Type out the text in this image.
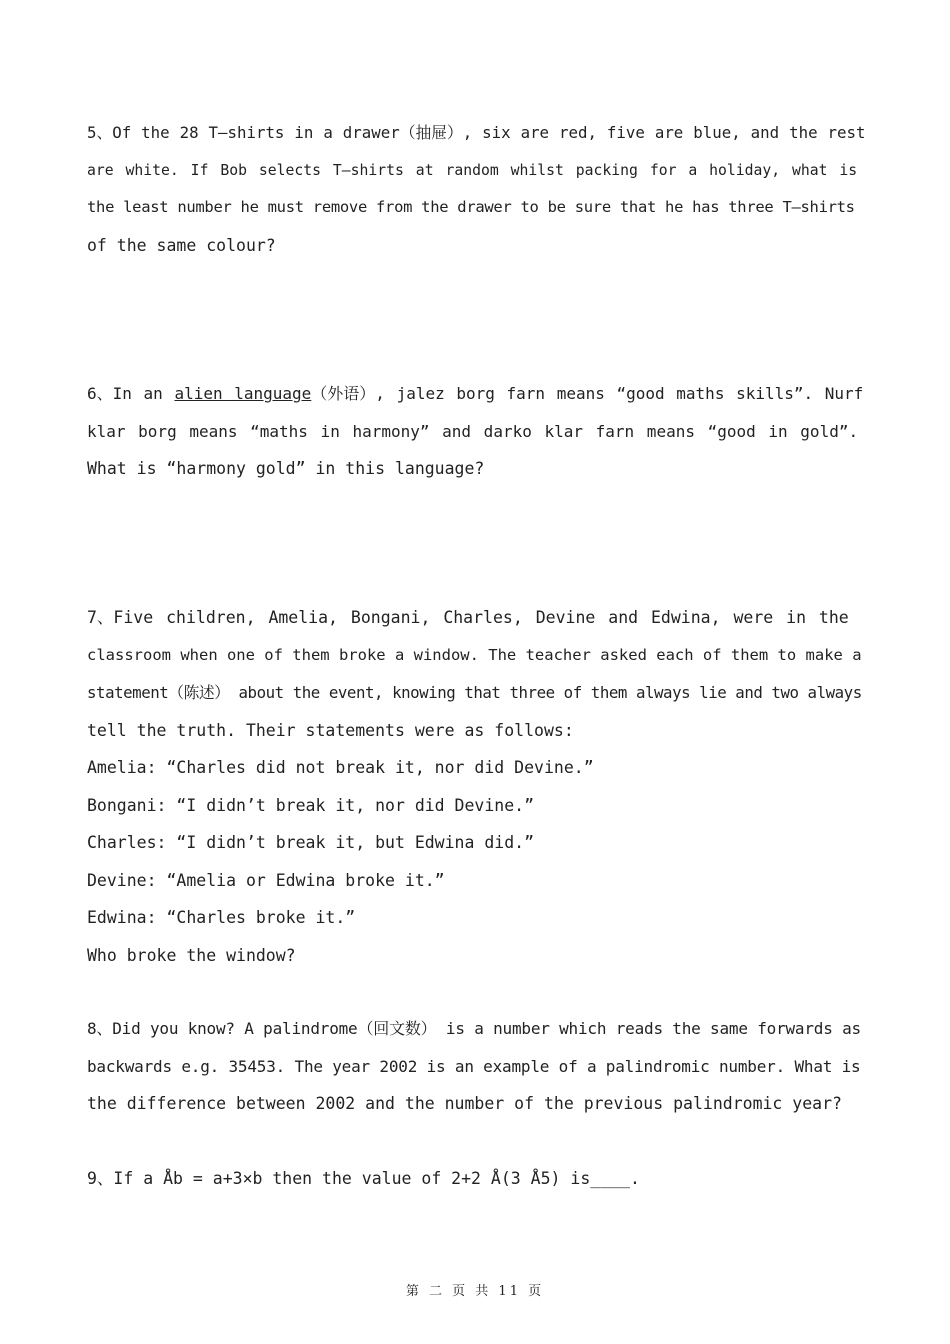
5、Of the 28 T–shirts in a drawer（抽屉）, six are red, five are blue, and the rest
are white. If Bob selects T–shirts at random whilst packing for a holiday, what is
the least number he must remove from the drawer to be sure that he has three T–shirts
of the same colour?
6、In an alien language（外语）, jalez borg farn means “good maths skills”. Nurf
klar borg means “maths in harmony” and darko klar farn means “good in gold”.
What is “harmony gold” in this language?
7、Five children, Amelia, Bongani, Charles, Devine and Edwina, were in the
classroom when one of them broke a window. The teacher asked each of them to make a
statement（陈述） about the event, knowing that three of them always lie and two always
tell the truth. Their statements were as follows:
Amelia: “Charles did not break it, nor did Devine.”
Bongani: “I didn’t break it, nor did Devine.”
Charles: “I didn’t break it, but Edwina did.”
Devine: “Amelia or Edwina broke it.”
Edwina: “Charles broke it.”
Who broke the window?
8、Did you know? A palindrome（回文数） is a number which reads the same forwards as
backwards e.g. 35453. The year 2002 is an example of a palindromic number. What is
the difference between 2002 and the number of the previous palindromic year?
9、If a Åb = a+3×b then the value of 2+2 Å(3 Å5) is____.
第 二 页 共 11 页
